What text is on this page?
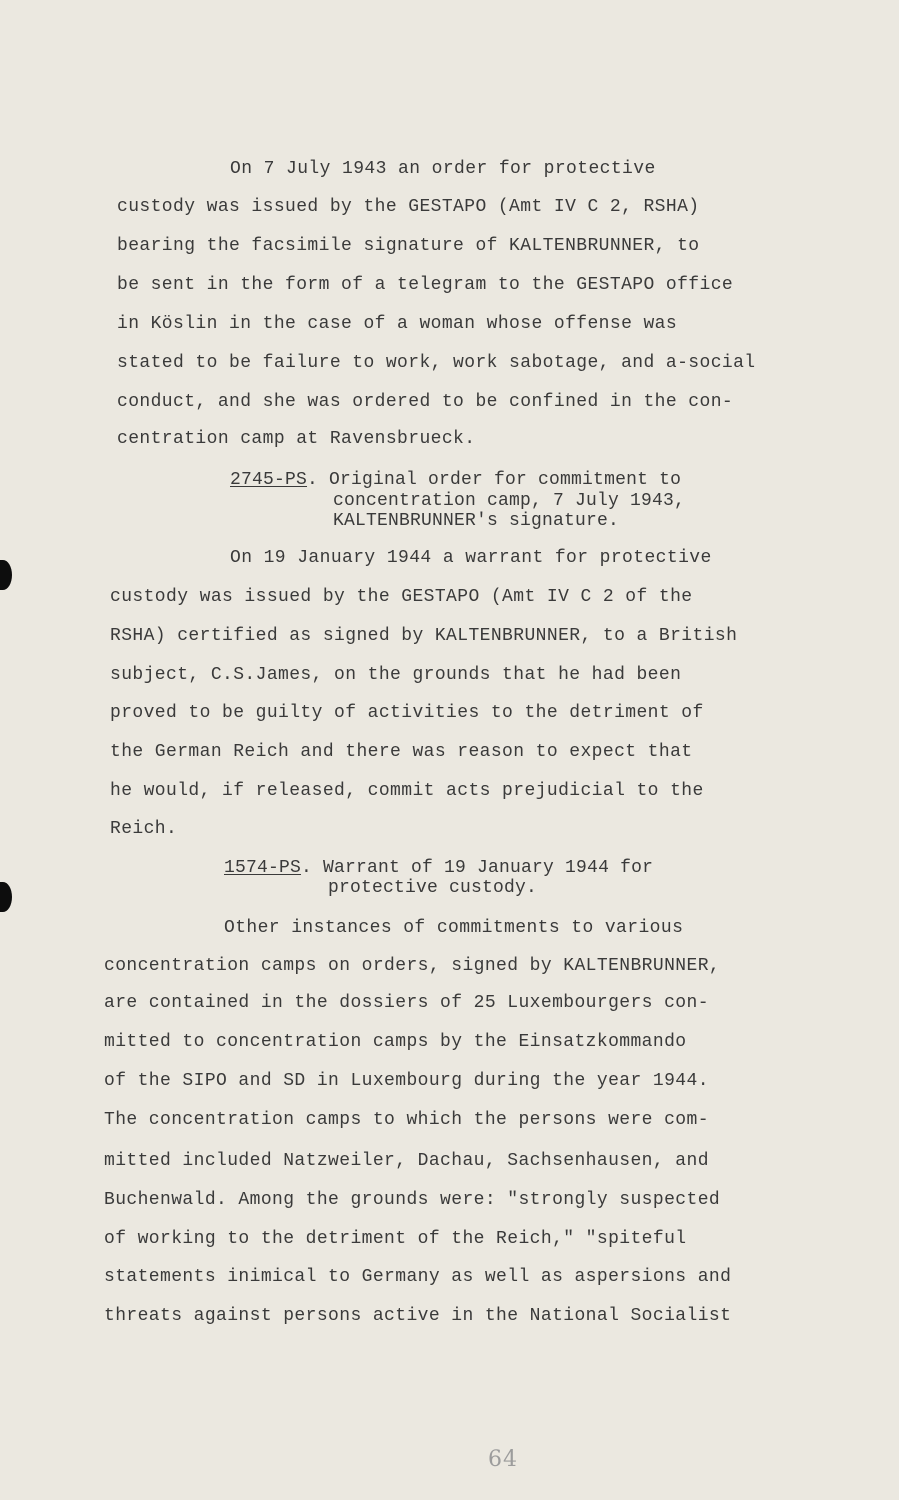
On 7 July 1943 an order for protective
custody was issued by the GESTAPO (Amt IV C 2, RSHA)
bearing the facsimile signature of KALTENBRUNNER, to
be sent in the form of a telegram to the GESTAPO office
in Köslin in the case of a woman whose offense was
stated to be failure to work, work sabotage, and a-social
conduct, and she was ordered to be confined in the con-
centration camp at Ravensbrueck.
2745-PS. Original order for commitment to
concentration camp, 7 July 1943,
KALTENBRUNNER's signature.
On 19 January 1944 a warrant for protective
custody was issued by the GESTAPO (Amt IV C 2 of the
RSHA) certified as signed by KALTENBRUNNER, to a British
subject, C.S.James, on the grounds that he had been
proved to be guilty of activities to the detriment of
the German Reich and there was reason to expect that
he would, if released, commit acts prejudicial to the
Reich.
1574-PS. Warrant of 19 January 1944 for
protective custody.
Other instances of commitments to various
concentration camps on orders, signed by KALTENBRUNNER,
are contained in the dossiers of 25 Luxembourgers con-
mitted to concentration camps by the Einsatzkommando
of the SIPO and SD in Luxembourg during the year 1944.
The concentration camps to which the persons were com-
mitted included Natzweiler, Dachau, Sachsenhausen, and
Buchenwald. Among the grounds were: "strongly suspected
of working to the detriment of the Reich," "spiteful
statements inimical to Germany as well as aspersions and
threats against persons active in the National Socialist
64
